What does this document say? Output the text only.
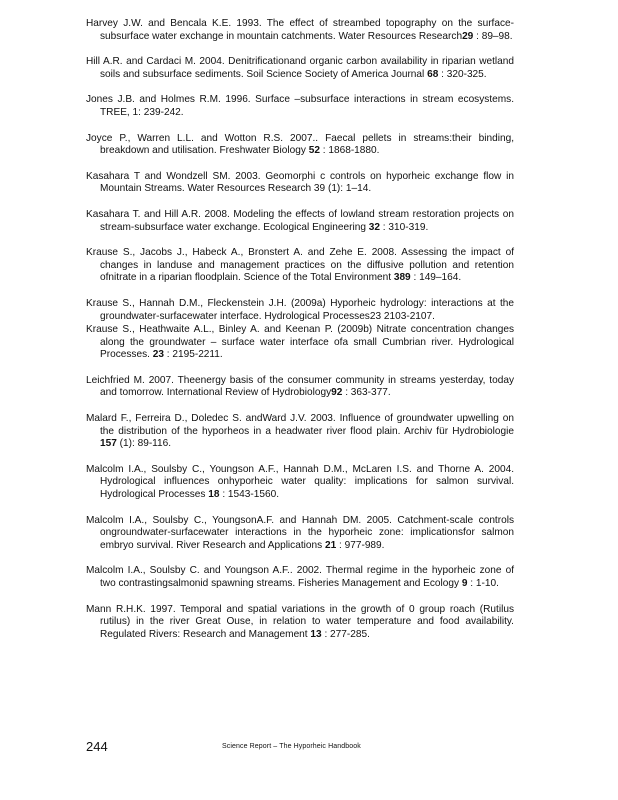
Harvey J.W. and Bencala K.E. 1993. The effect of streambed topography on the surface-subsurface water exchange in mountain catchments. Water Resources Research29 : 89–98.

Hill A.R. and Cardaci M. 2004. Denitrificationand organic carbon availability in riparian wetland soils and subsurface sediments. Soil Science Society of America Journal 68 : 320-325.

Jones J.B. and Holmes R.M. 1996. Surface –subsurface interactions in stream ecosystems. TREE, 1: 239-242.

Joyce P., Warren L.L. and Wotton R.S. 2007.. Faecal pellets in streams:their binding, breakdown and utilisation. Freshwater Biology 52 : 1868-1880.

Kasahara T and Wondzell SM. 2003. Geomorphi c controls on hyporheic exchange flow in Mountain Streams. Water Resources Research 39 (1): 1–14.

Kasahara T. and Hill A.R. 2008. Modeling the effects of lowland stream restoration projects on stream-subsurface water exchange. Ecological Engineering 32 : 310-319.

Krause S., Jacobs J., Habeck A., Bronstert A. and Zehe E. 2008. Assessing the impact of changes in landuse and management practices on the diffusive pollution and retention ofnitrate in a riparian floodplain. Science of the Total Environment 389 : 149–164.

Krause S., Hannah D.M., Fleckenstein J.H. (2009a) Hyporheic hydrology: interactions at the groundwater-surfacewater interface. Hydrological Processes23 2103-2107.

Krause S., Heathwaite A.L., Binley A. and Keenan P. (2009b) Nitrate concentration changes along the groundwater – surface water interface ofa small Cumbrian river. Hydrological Processes. 23 : 2195-2211.

Leichfried M. 2007. Theenergy basis of the consumer community in streams yesterday, today and tomorrow. International Review of Hydrobiology92 : 363-377.

Malard F., Ferreira D., Doledec S. andWard J.V. 2003. Influence of groundwater upwelling on the distribution of the hyporheos in a headwater river flood plain. Archiv für Hydrobiologie 157 (1): 89-116.

Malcolm I.A., Soulsby C., Youngson A.F., Hannah D.M., McLaren I.S. and Thorne A. 2004. Hydrological influences onhyporheic water quality: implications for salmon survival. Hydrological Processes 18 : 1543-1560.

Malcolm I.A., Soulsby C., YoungsonA.F. and Hannah DM. 2005. Catchment-scale controls ongroundwater-surfacewater interactions in the hyporheic zone: implicationsfor salmon embryo survival. River Research and Applications 21 : 977-989.

Malcolm I.A., Soulsby C. and Youngson A.F.. 2002. Thermal regime in the hyporheic zone of two contrastingsalmonid spawning streams. Fisheries Management and Ecology 9 : 1-10.

Mann R.H.K. 1997. Temporal and spatial variations in the growth of 0 group roach (Rutilus rutilus) in the river Great Ouse, in relation to water temperature and food availability. Regulated Rivers: Research and Management 13 : 277-285.

244	Science Report – The Hyporheic Handbook
